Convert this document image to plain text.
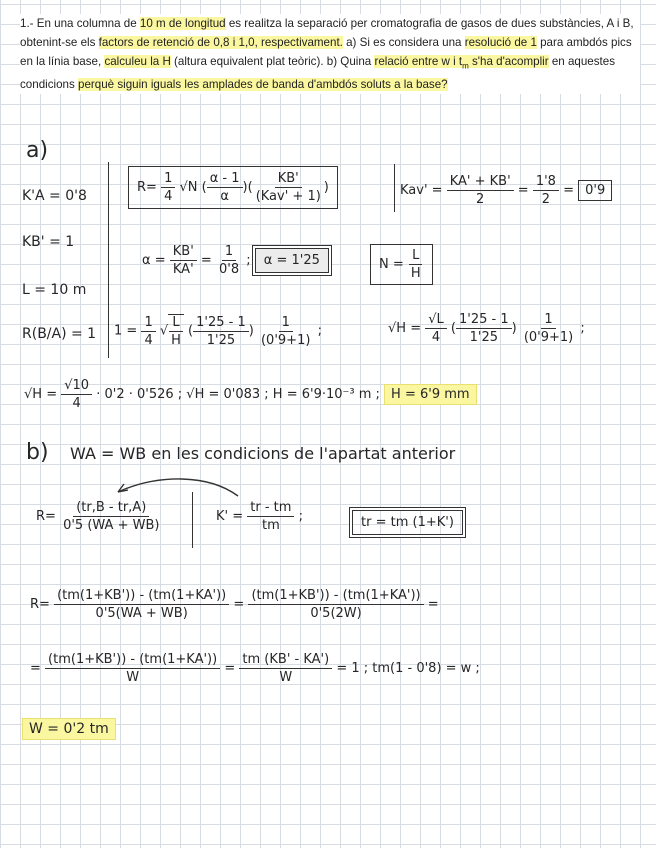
1.- En una columna de 10 m de longitud es realitza la separació per cromatografia de gasos de dues substàncies, A i B, obtenint-se els factors de retenció de 0,8 i 1,0, respectivament. a) Si es considera una resolució de 1 para ambdós pics en la línia base, calculeu la H (altura equivalent plat teòric). b) Quina relació entre w i $t_m$ s'ha d'acomplir en aquestes condicions perquè siguin iguals les amplades de banda d'ambdós soluts a la base?
a)
K'A = 0'8
KB' = 1
L = 10 m
R(B/A) = 1
$R= \frac{1}{4} √N$ ( $\frac{\alpha - 1}{\alpha}$ )(
KB'
(Kav' + 1)
)	$Kav' = \frac{KA' + KB'}{2} = \frac{1'8}{2} = 0'9$
$\alpha = \frac{KB'}{KA'} = \frac{1}{0'8}$ ; α = 1'25	$N = \frac{L}{H}$
$1 = \frac{1}{4}$ √ $\frac{L}{H}$ ( $\frac{1'25 - 1}{1'25}$ ) $\frac{1}{(0'9+1)}$ ;	$√H = \frac{√L}{4}$ ( $\frac{1'25 - 1}{1'25}$ ) $\frac{1}{(0'9+1)}$ ;
$√H = \frac{√10}{4} \cdot 0'2 \cdot 0'526$ ; √H = 0'083 ; H = 6'9·10⁻³ m ; H = 6'9 mm
b) WA = WB en les condicions de l'apartat anterior
$R= \frac{(tr,B - tr,A)}{0'5 (WA + WB)}$	$K' = \frac{tr - tm}{tm}$ ;	tr = tm (1+K')
$R= \frac{(tm(1+KB')) - (tm(1+KA'))}{0'5(WA + WB)} = \frac{(tm(1+KB')) - (tm(1+KA'))}{0'5(2W)}$ =
= $\frac{(tm(1+KB')) - (tm(1+KA'))}{W} = \frac{tm (KB' - KA')}{W} = 1$ ; tm(1 - 0'8) = w ;
W = 0'2 tm
